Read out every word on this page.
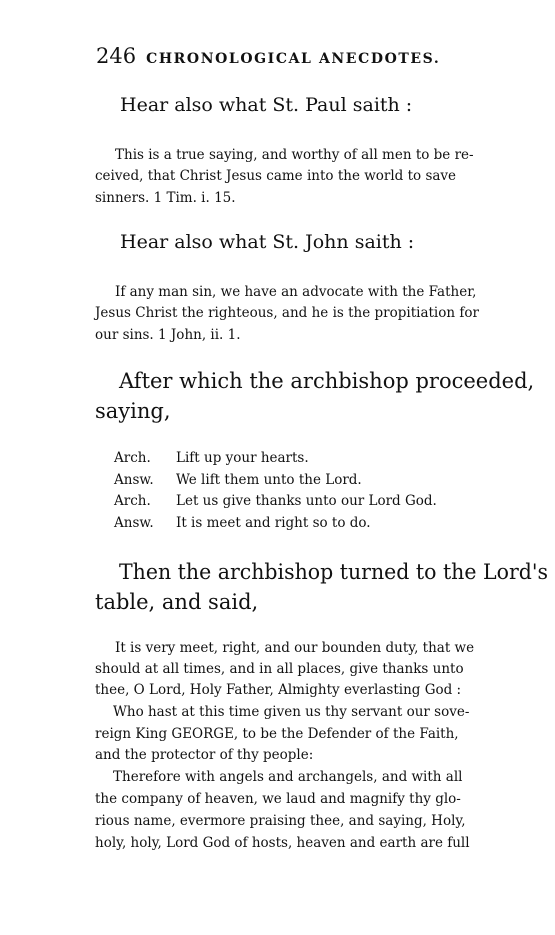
246 CHRONOLOGICAL ANECDOTES.
Hear also what St. Paul saith :
This is a true saying, and worthy of all men to be re-
ceived, that Christ Jesus came into the world to save
sinners. 1 Tim. i. 15.
Hear also what St. John saith :
If any man sin, we have an advocate with the Father,
Jesus Christ the righteous, and he is the propitiation for
our sins. 1 John, ii. 1.
After which the archbishop proceeded,
saying,
Arch.	Lift up your hearts.
Answ.	We lift them unto the Lord.
Arch.	Let us give thanks unto our Lord God.
Answ.	It is meet and right so to do.
Then the archbishop turned to the Lord's
table, and said,
It is very meet, right, and our bounden duty, that we
should at all times, and in all places, give thanks unto
thee, O Lord, Holy Father, Almighty everlasting God :
Who hast at this time given us thy servant our sove-
reign King GEORGE, to be the Defender of the Faith,
and the protector of thy people:
Therefore with angels and archangels, and with all
the company of heaven, we laud and magnify thy glo-
rious name, evermore praising thee, and saying, Holy,
holy, holy, Lord God of hosts, heaven and earth are full
